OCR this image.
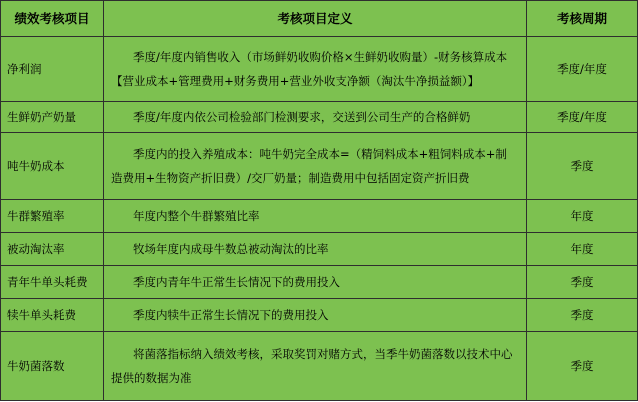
绩效考核项目	考核项目定义	考核周期
净利润	季度/年度内销售收入（市场鲜奶收购价格×生鲜奶收购量）-财务核算成本【营业成本+管理费用+财务费用+营业外收支净额（淘汰牛净损益额）】	季度/年度
生鲜奶产奶量	季度/年度内依公司检验部门检测要求，交送到公司生产的合格鲜奶	季度/年度
吨牛奶成本	季度内的投入养殖成本：吨牛奶完全成本=（精饲料成本+粗饲料成本+制造费用+生物资产折旧费）/交厂奶量；制造费用中包括固定资产折旧费	季度
牛群繁殖率	年度内整个牛群繁殖比率	年度
被动淘汰率	牧场年度内成母牛数总被动淘汰的比率	年度
青年牛单头耗费	季度内青年牛正常生长情况下的费用投入	季度
犊牛单头耗费	季度内犊牛正常生长情况下的费用投入	季度
牛奶菌落数	将菌落指标纳入绩效考核，采取奖罚对赌方式，当季牛奶菌落数以技术中心提供的数据为准	季度
